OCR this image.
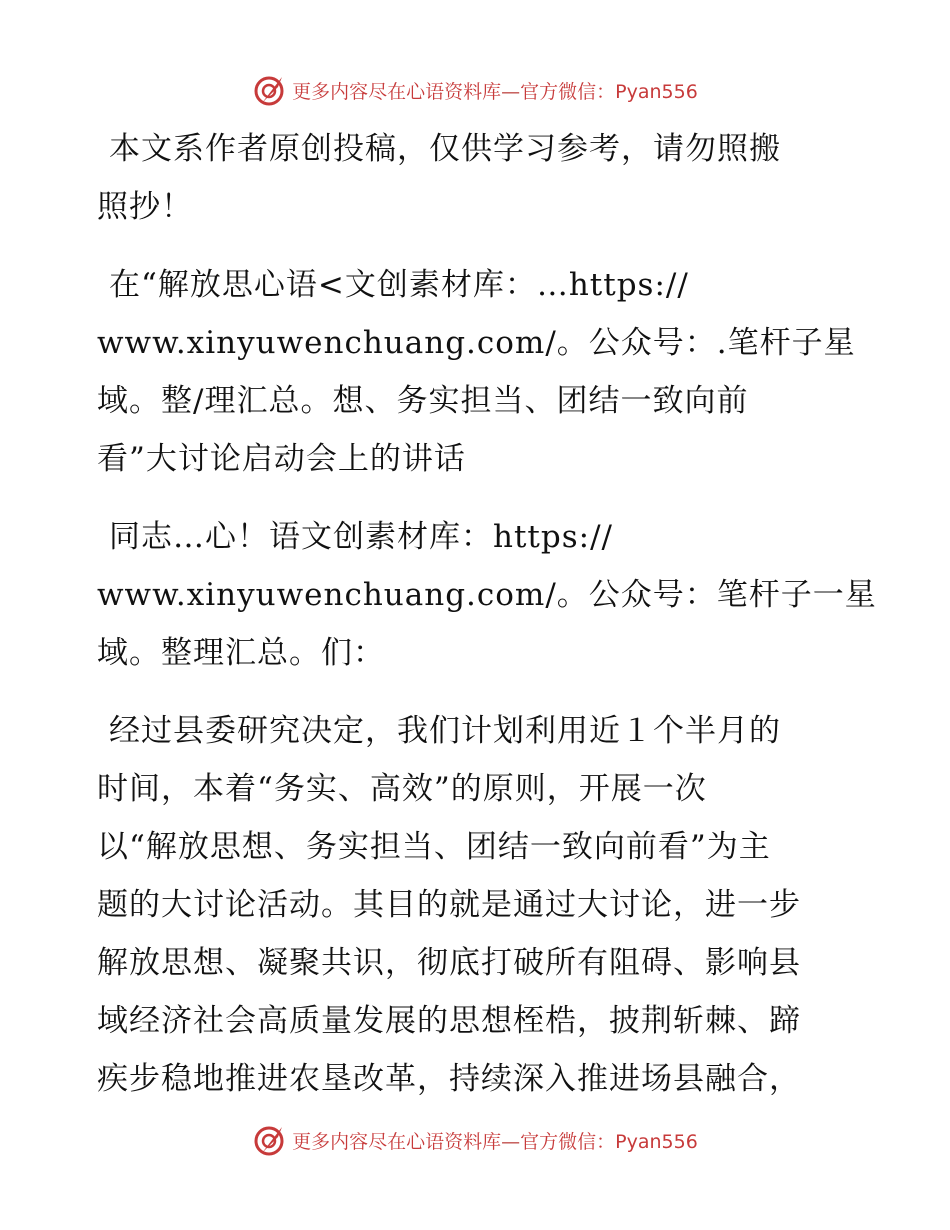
更多内容尽在心语资料库—官方微信：Pyan556

本文系作者原创投稿，仅供学习参考，请勿照搬
照抄！

在“解放思心语<文创素材库：…https://
www.xinyuwenchuang.com/。公众号：.笔杆子星
域。整/理汇总。想、务实担当、团结一致向前
看”大讨论启动会上的讲话

同志…心！语文创素材库：https://
www.xinyuwenchuang.com/。公众号：笔杆子一星
域。整理汇总。们：

经过县委研究决定，我们计划利用近１个半月的
时间，本着“务实、高效”的原则，开展一次
以“解放思想、务实担当、团结一致向前看”为主
题的大讨论活动。其目的就是通过大讨论，进一步
解放思想、凝聚共识，彻底打破所有阻碍、影响县
域经济社会高质量发展的思想桎梏，披荆斩棘、蹄
疾步稳地推进农垦改革，持续深入推进场县融合，

更多内容尽在心语资料库—官方微信：Pyan556
